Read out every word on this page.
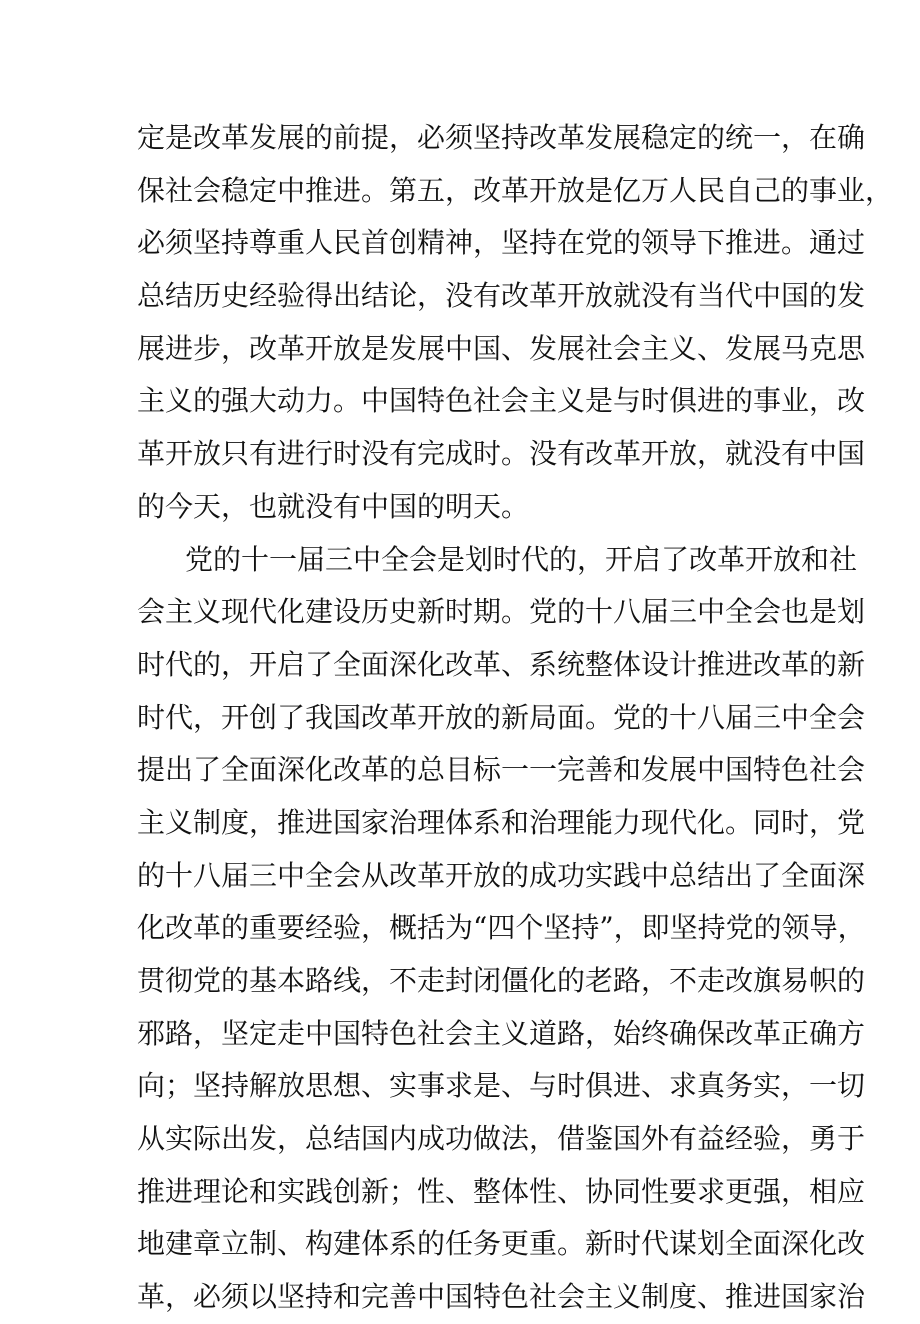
定是改革发展的前提，必须坚持改革发展稳定的统一，在确
保社会稳定中推进。第五，改革开放是亿万人民自己的事业，
必须坚持尊重人民首创精神，坚持在党的领导下推进。通过
总结历史经验得出结论，没有改革开放就没有当代中国的发
展进步，改革开放是发展中国、发展社会主义、发展马克思
主义的强大动力。中国特色社会主义是与时俱进的事业，改
革开放只有进行时没有完成时。没有改革开放，就没有中国
的今天，也就没有中国的明天。
党的十一届三中全会是划时代的，开启了改革开放和社
会主义现代化建设历史新时期。党的十八届三中全会也是划
时代的，开启了全面深化改革、系统整体设计推进改革的新
时代，开创了我国改革开放的新局面。党的十八届三中全会
提出了全面深化改革的总目标一一完善和发展中国特色社会
主义制度，推进国家治理体系和治理能力现代化。同时，党
的十八届三中全会从改革开放的成功实践中总结出了全面深
化改革的重要经验，概括为“四个坚持”，即坚持党的领导，
贯彻党的基本路线，不走封闭僵化的老路，不走改旗易帜的
邪路，坚定走中国特色社会主义道路，始终确保改革正确方
向；坚持解放思想、实事求是、与时俱进、求真务实，一切
从实际出发，总结国内成功做法，借鉴国外有益经验，勇于
推进理论和实践创新；性、整体性、协同性要求更强，相应
地建章立制、构建体系的任务更重。新时代谋划全面深化改
革，必须以坚持和完善中国特色社会主义制度、推进国家治
